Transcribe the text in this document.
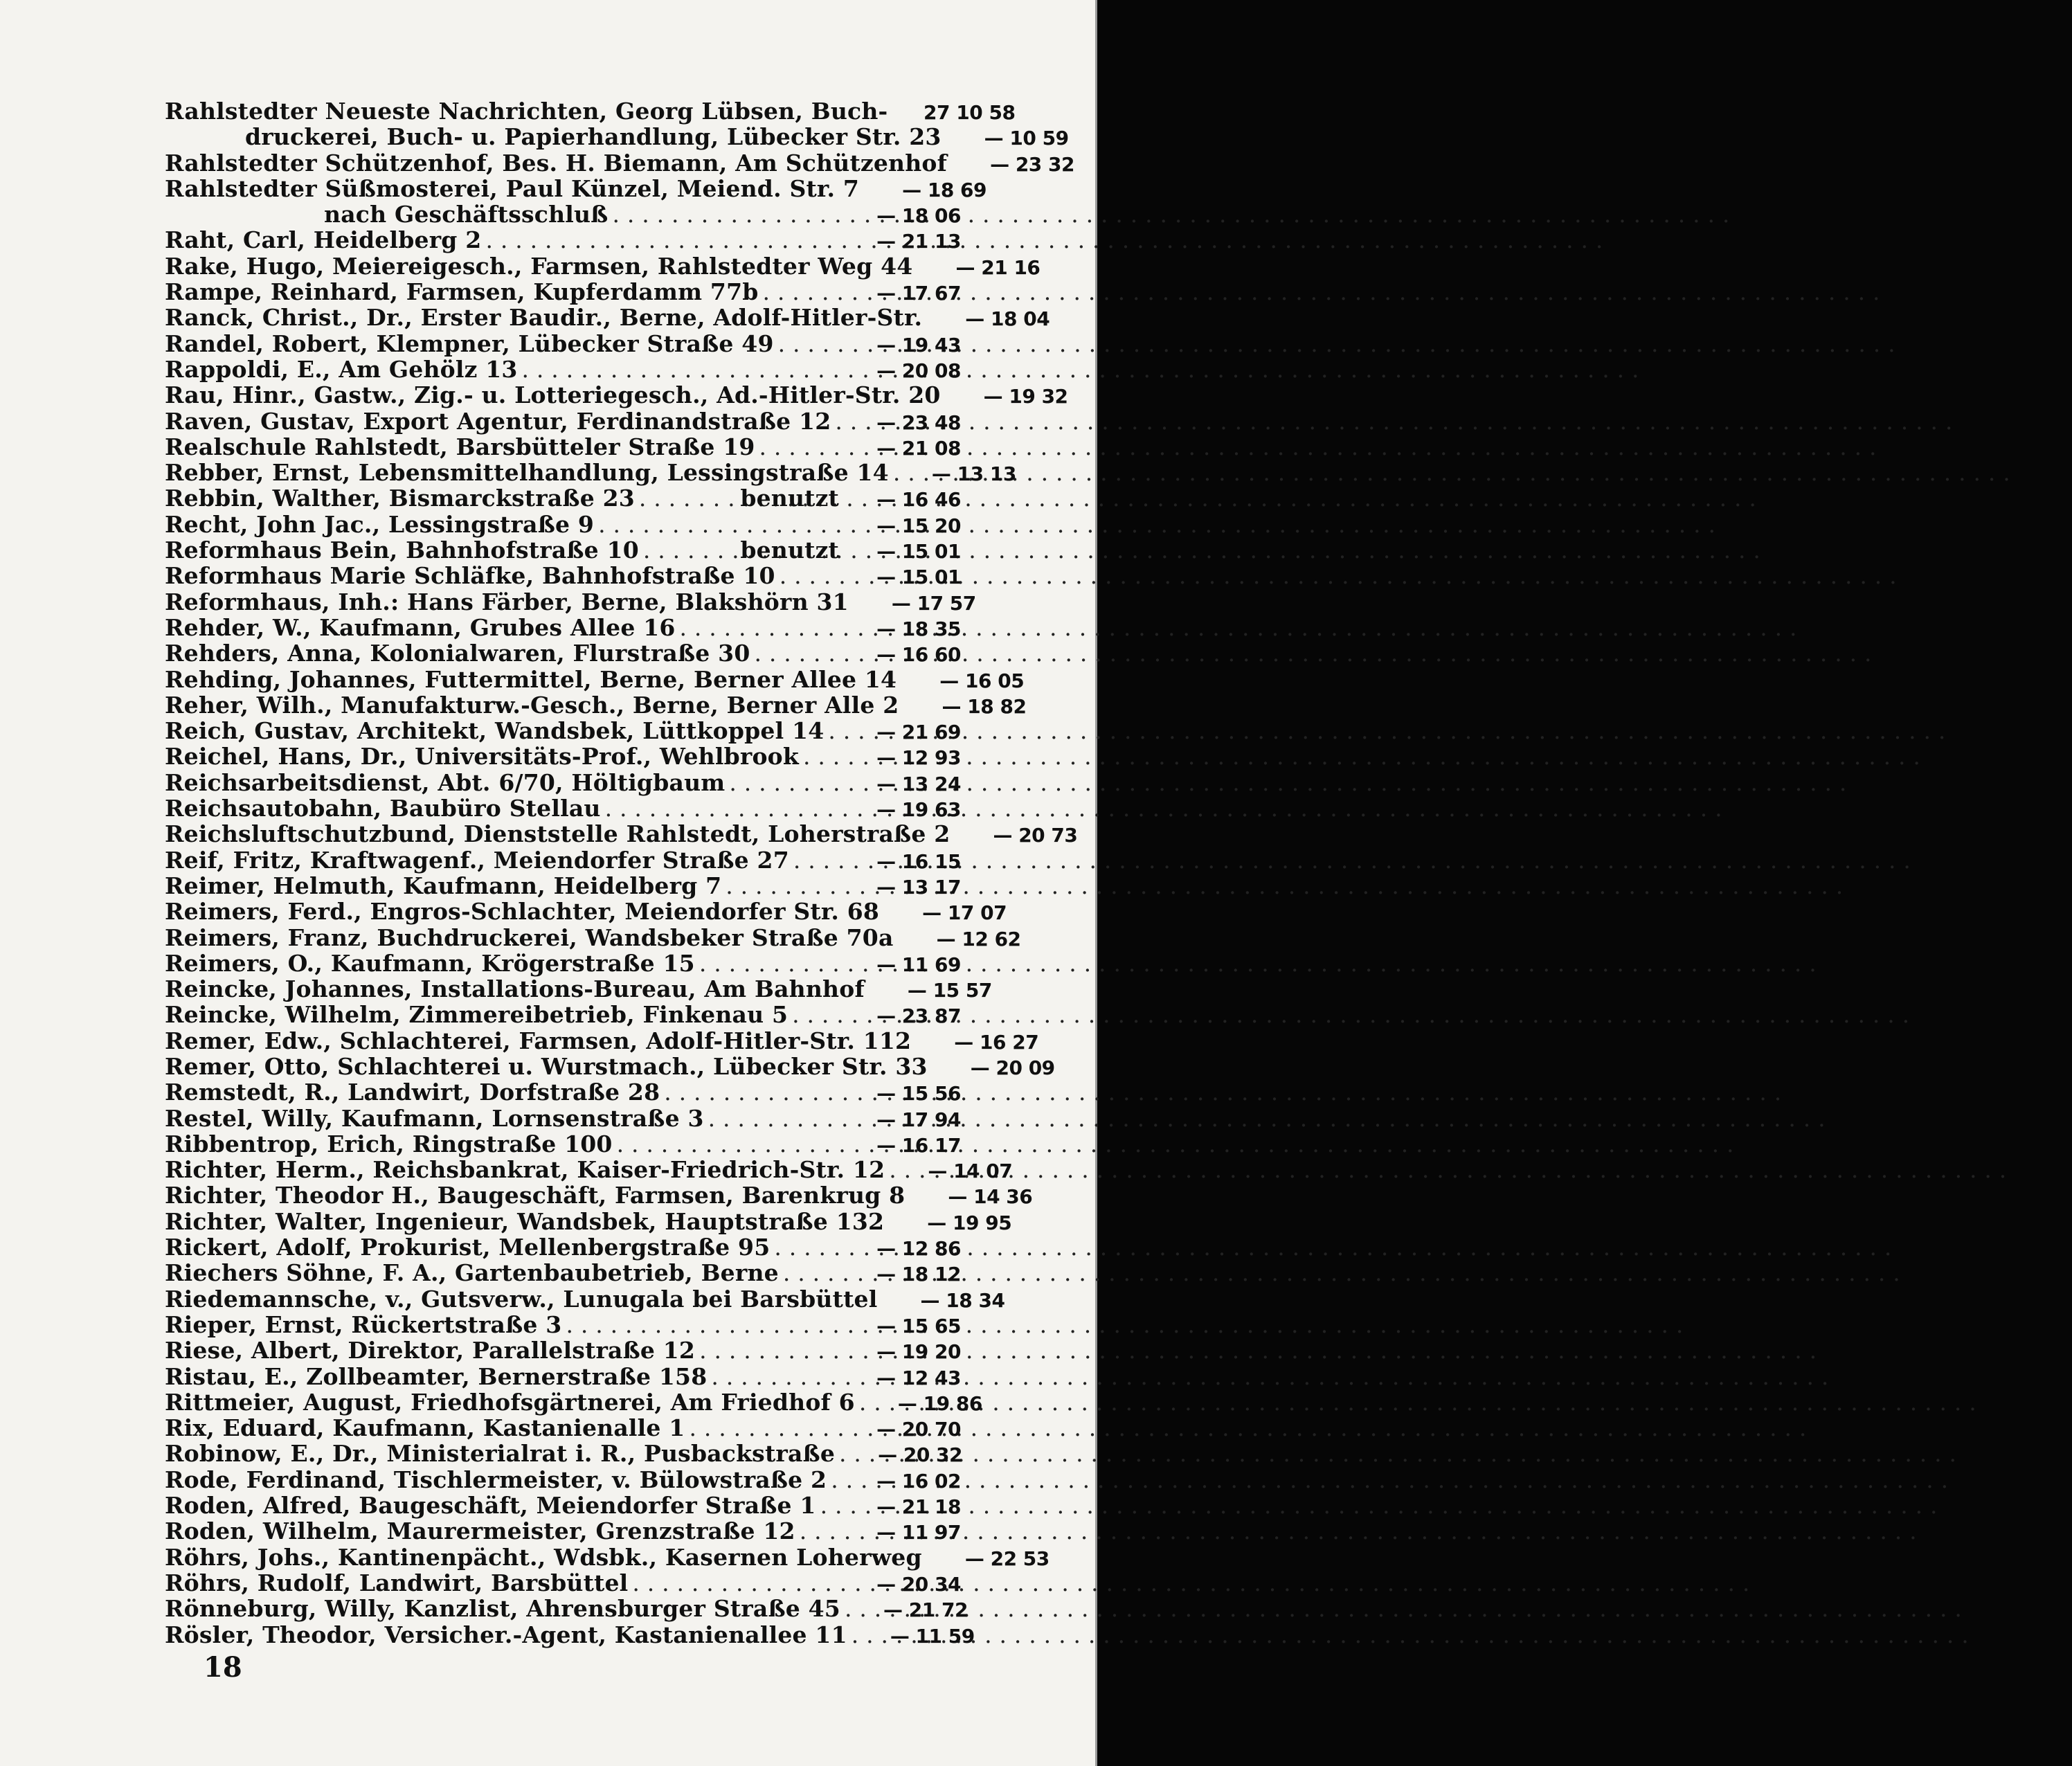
Rahlstedter Neueste Nachrichten, Georg Lübsen, Buch-	27 10 58
druckerei, Buch- u. Papierhandlung, Lübecker Str. 23	— 10 59
Rahlstedter Schützenhof, Bes. H. Biemann, Am Schützenhof	— 23 32
Rahlstedter Süßmosterei, Paul Künzel, Meiend. Str. 7	— 18 69
nach Geschäftsschluß . . .	— 18 06
Raht, Carl, Heidelberg 2 . . .	— 21 13
Rake, Hugo, Meiereigesch., Farmsen, Rahlstedter Weg 44	— 21 16
Rampe, Reinhard, Farmsen, Kupferdamm 77b . . .	— 17 67
Ranck, Christ., Dr., Erster Baudir., Berne, Adolf-Hitler-Str.	— 18 04
Randel, Robert, Klempner, Lübecker Straße 49 . . .	— 19 43
Rappoldi, E., Am Gehölz 13 . . .	— 20 08
Rau, Hinr., Gastw., Zig.- u. Lotteriegesch., Ad.-Hitler-Str. 20	— 19 32
Raven, Gustav, Export Agentur, Ferdinandstraße 12 . . .	— 23 48
Realschule Rahlstedt, Barsbütteler Straße 19 . . .	— 21 08
Rebber, Ernst, Lebensmittelhandlung, Lessingstraße 14 . . .	— 13 13
Rebbin, Walther, Bismarckstraße 23 . . .	benutzt	— 16 46
Recht, John Jac., Lessingstraße 9 . . .	— 15 20
Reformhaus Bein, Bahnhofstraße 10 . . .	benutzt	— 15 01
Reformhaus Marie Schläfke, Bahnhofstraße 10 . . .	— 15 01
Reformhaus, Inh.: Hans Färber, Berne, Blakshörn 31	— 17 57
Rehder, W., Kaufmann, Grubes Allee 16 . . .	— 18 35
Rehders, Anna, Kolonialwaren, Flurstraße 30 . . .	— 16 60
Rehding, Johannes, Futtermittel, Berne, Berner Allee 14	— 16 05
Reher, Wilh., Manufakturw.-Gesch., Berne, Berner Alle 2	— 18 82
Reich, Gustav, Architekt, Wandsbek, Lüttkoppel 14 . . .	— 21 69
Reichel, Hans, Dr., Universitäts-Prof., Wehlbrook . . .	— 12 93
Reichsarbeitsdienst, Abt. 6/70, Höltigbaum . . .	— 13 24
Reichsautobahn, Baubüro Stellau . . .	— 19 63
Reichsluftschutzbund, Dienststelle Rahlstedt, Loherstraße 2	— 20 73
Reif, Fritz, Kraftwagenf., Meiendorfer Straße 27 . . .	— 16 15
Reimer, Helmuth, Kaufmann, Heidelberg 7 . . .	— 13 17
Reimers, Ferd., Engros-Schlachter, Meiendorfer Str. 68	— 17 07
Reimers, Franz, Buchdruckerei, Wandsbeker Straße 70a	— 12 62
Reimers, O., Kaufmann, Krögerstraße 15 . . .	— 11 69
Reincke, Johannes, Installations-Bureau, Am Bahnhof	— 15 57
Reincke, Wilhelm, Zimmereibetrieb, Finkenau 5 . . .	— 23 87
Remer, Edw., Schlachterei, Farmsen, Adolf-Hitler-Str. 112	— 16 27
Remer, Otto, Schlachterei u. Wurstmach., Lübecker Str. 33	— 20 09
Remstedt, R., Landwirt, Dorfstraße 28 . . .	— 15 56
Restel, Willy, Kaufmann, Lornsenstraße 3 . . .	— 17 94
Ribbentrop, Erich, Ringstraße 100 . . .	— 16 17
Richter, Herm., Reichsbankrat, Kaiser-Friedrich-Str. 12 . . .	— 14 07
Richter, Theodor H., Baugeschäft, Farmsen, Barenkrug 8	— 14 36
Richter, Walter, Ingenieur, Wandsbek, Hauptstraße 132	— 19 95
Rickert, Adolf, Prokurist, Mellenbergstraße 95 . . .	— 12 86
Riechers Söhne, F. A., Gartenbaubetrieb, Berne . . .	— 18 12
Riedemannsche, v., Gutsverw., Lunugala bei Barsbüttel	— 18 34
Rieper, Ernst, Rückertstraße 3 . . .	— 15 65
Riese, Albert, Direktor, Parallelstraße 12 . . .	— 19 20
Ristau, E., Zollbeamter, Bernerstraße 158 . . .	— 12 43
Rittmeier, August, Friedhofsgärtnerei, Am Friedhof 6 . . .	— 19 86
Rix, Eduard, Kaufmann, Kastanienalle 1 . . .	— 20 70
Robinow, E., Dr., Ministerialrat i. R., Pusbackstraße . . .	— 20 32
Rode, Ferdinand, Tischlermeister, v. Bülowstraße 2 . . .	— 16 02
Roden, Alfred, Baugeschäft, Meiendorfer Straße 1 . . .	— 21 18
Roden, Wilhelm, Maurermeister, Grenzstraße 12 . . .	— 11 97
Röhrs, Johs., Kantinenpächt., Wdsbk., Kasernen Loherweg	— 22 53
Röhrs, Rudolf, Landwirt, Barsbüttel . . .	— 20 34
Rönneburg, Willy, Kanzlist, Ahrensburger Straße 45 . . .	— 21 72
Rösler, Theodor, Versicher.-Agent, Kastanienallee 11 . . .	— 11 59
18
